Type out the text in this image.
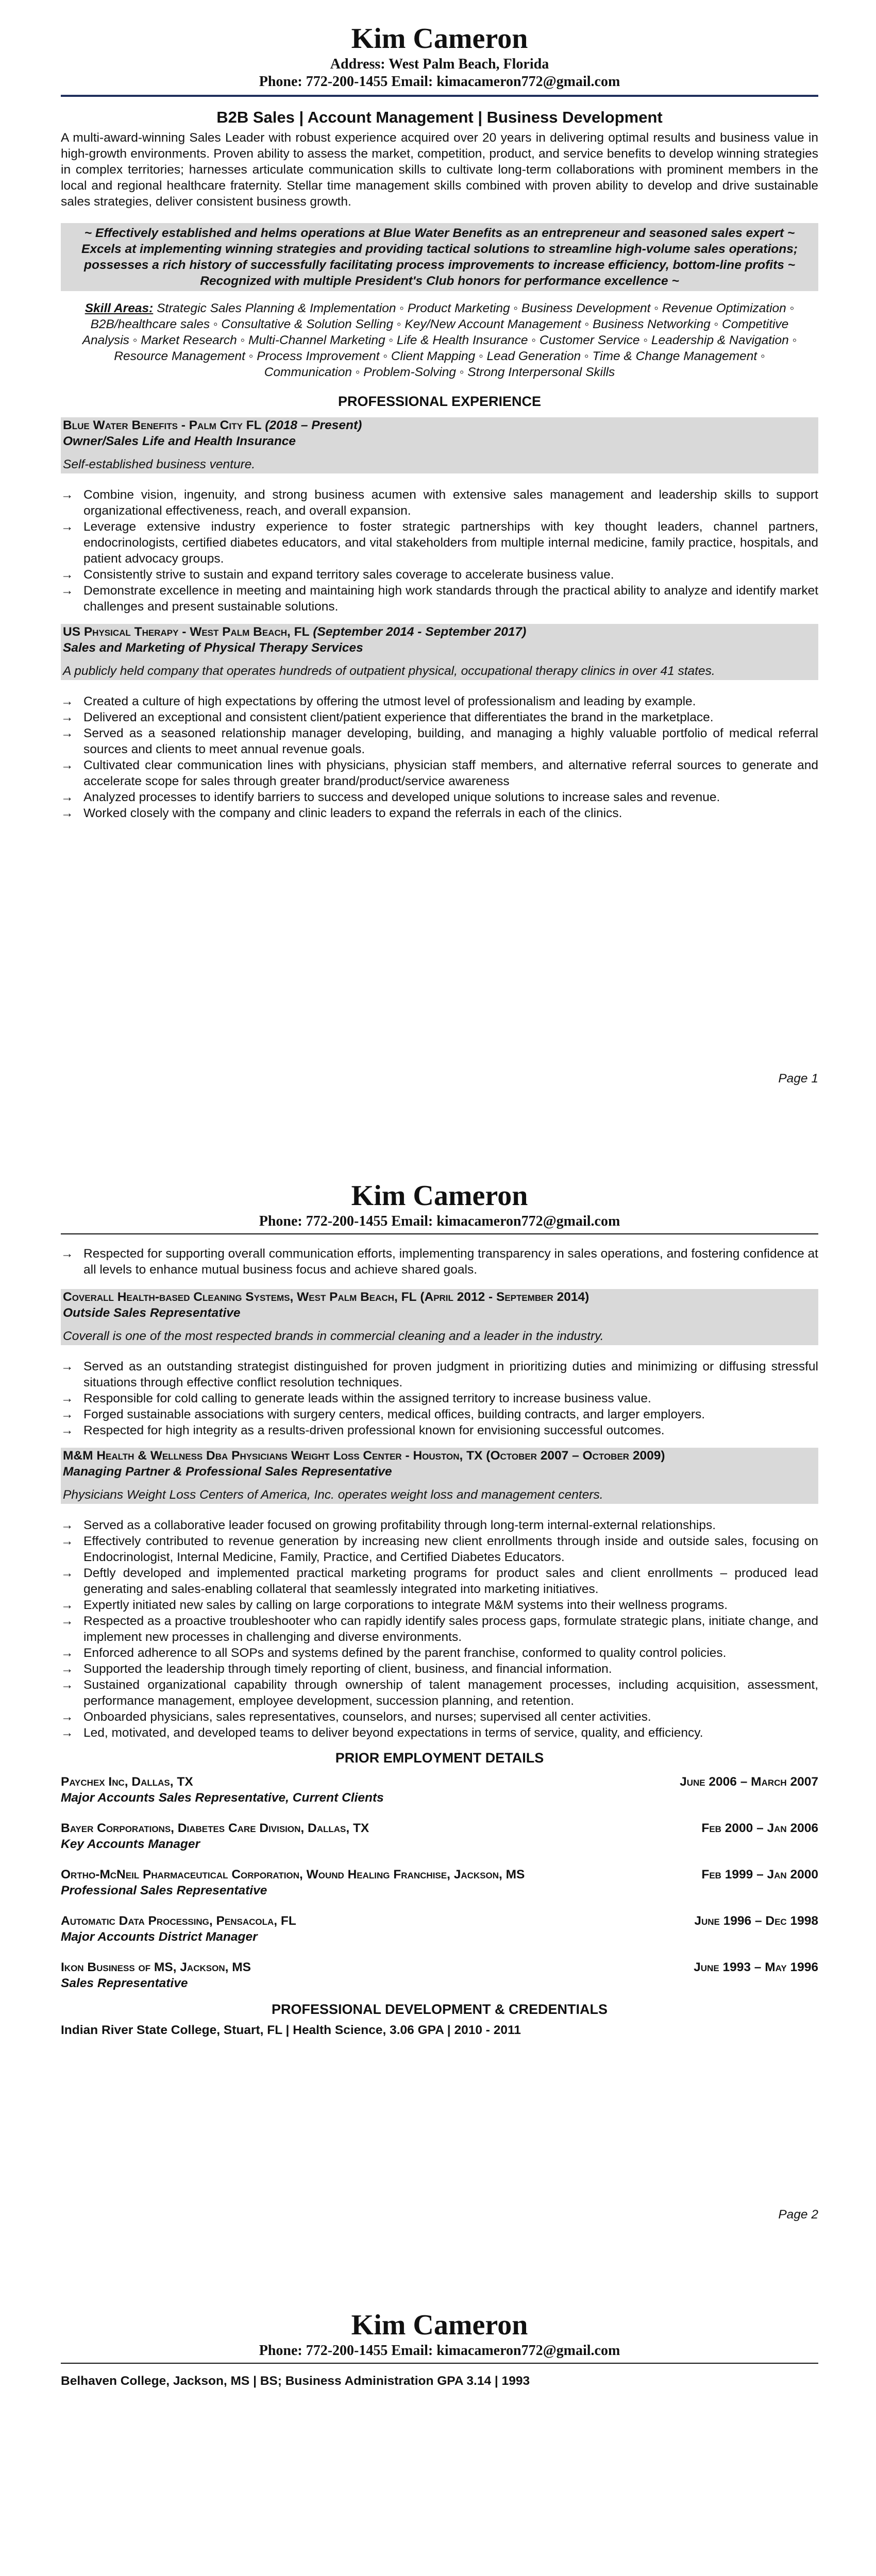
Kim Cameron
Address: West Palm Beach, Florida
Phone: 772-200-1455 Email: kimacameron772@gmail.com
B2B Sales | Account Management | Business Development
A multi-award-winning Sales Leader with robust experience acquired over 20 years in delivering optimal results and business value in high-growth environments. Proven ability to assess the market, competition, product, and service benefits to develop winning strategies in complex territories; harnesses articulate communication skills to cultivate long-term collaborations with prominent members in the local and regional healthcare fraternity. Stellar time management skills combined with proven ability to develop and drive sustainable sales strategies, deliver consistent business growth.
~ Effectively established and helms operations at Blue Water Benefits as an entrepreneur and seasoned sales expert ~ Excels at implementing winning strategies and providing tactical solutions to streamline high-volume sales operations; possesses a rich history of successfully facilitating process improvements to increase efficiency, bottom-line profits ~ Recognized with multiple President's Club honors for performance excellence ~
Skill Areas: Strategic Sales Planning & Implementation ◦ Product Marketing ◦ Business Development ◦ Revenue Optimization ◦ B2B/healthcare sales ◦ Consultative & Solution Selling ◦ Key/New Account Management ◦ Business Networking ◦ Competitive Analysis ◦ Market Research ◦ Multi-Channel Marketing ◦ Life & Health Insurance ◦ Customer Service ◦ Leadership & Navigation ◦ Resource Management ◦ Process Improvement ◦ Client Mapping ◦ Lead Generation ◦ Time & Change Management ◦ Communication ◦ Problem-Solving ◦ Strong Interpersonal Skills
PROFESSIONAL EXPERIENCE
Blue Water Benefits - Palm City FL (2018 – Present)
Owner/Sales Life and Health Insurance
Self-established business venture.
→ Combine vision, ingenuity, and strong business acumen with extensive sales management and leadership skills to support organizational effectiveness, reach, and overall expansion.
→ Leverage extensive industry experience to foster strategic partnerships with key thought leaders, channel partners, endocrinologists, certified diabetes educators, and vital stakeholders from multiple internal medicine, family practice, hospitals, and patient advocacy groups.
→ Consistently strive to sustain and expand territory sales coverage to accelerate business value.
→ Demonstrate excellence in meeting and maintaining high work standards through the practical ability to analyze and identify market challenges and present sustainable solutions.
US Physical Therapy - West Palm Beach, FL (September 2014 - September 2017)
Sales and Marketing of Physical Therapy Services
A publicly held company that operates hundreds of outpatient physical, occupational therapy clinics in over 41 states.
→ Created a culture of high expectations by offering the utmost level of professionalism and leading by example.
→ Delivered an exceptional and consistent client/patient experience that differentiates the brand in the marketplace.
→ Served as a seasoned relationship manager developing, building, and managing a highly valuable portfolio of medical referral sources and clients to meet annual revenue goals.
→ Cultivated clear communication lines with physicians, physician staff members, and alternative referral sources to generate and accelerate scope for sales through greater brand/product/service awareness
→ Analyzed processes to identify barriers to success and developed unique solutions to increase sales and revenue.
→ Worked closely with the company and clinic leaders to expand the referrals in each of the clinics.
Page 1
Kim Cameron
Phone: 772-200-1455 Email: kimacameron772@gmail.com
→ Respected for supporting overall communication efforts, implementing transparency in sales operations, and fostering confidence at all levels to enhance mutual business focus and achieve shared goals.
Coverall Health-based Cleaning Systems, West Palm Beach, FL (April 2012 - September 2014)
Outside Sales Representative
Coverall is one of the most respected brands in commercial cleaning and a leader in the industry.
→ Served as an outstanding strategist distinguished for proven judgment in prioritizing duties and minimizing or diffusing stressful situations through effective conflict resolution techniques.
→ Responsible for cold calling to generate leads within the assigned territory to increase business value.
→ Forged sustainable associations with surgery centers, medical offices, building contracts, and larger employers.
→ Respected for high integrity as a results-driven professional known for envisioning successful outcomes.
M&M Health & Wellness Dba Physicians Weight Loss Center - Houston, TX (October 2007 – October 2009)
Managing Partner & Professional Sales Representative
Physicians Weight Loss Centers of America, Inc. operates weight loss and management centers.
→ Served as a collaborative leader focused on growing profitability through long-term internal-external relationships.
→ Effectively contributed to revenue generation by increasing new client enrollments through inside and outside sales, focusing on Endocrinologist, Internal Medicine, Family, Practice, and Certified Diabetes Educators.
→ Deftly developed and implemented practical marketing programs for product sales and client enrollments – produced lead generating and sales-enabling collateral that seamlessly integrated into marketing initiatives.
→ Expertly initiated new sales by calling on large corporations to integrate M&M systems into their wellness programs.
→ Respected as a proactive troubleshooter who can rapidly identify sales process gaps, formulate strategic plans, initiate change, and implement new processes in challenging and diverse environments.
→ Enforced adherence to all SOPs and systems defined by the parent franchise, conformed to quality control policies.
→ Supported the leadership through timely reporting of client, business, and financial information.
→ Sustained organizational capability through ownership of talent management processes, including acquisition, assessment, performance management, employee development, succession planning, and retention.
→ Onboarded physicians, sales representatives, counselors, and nurses; supervised all center activities.
→ Led, motivated, and developed teams to deliver beyond expectations in terms of service, quality, and efficiency.
PRIOR EMPLOYMENT DETAILS
Paychex Inc, Dallas, TX	June 2006 – March 2007
Major Accounts Sales Representative, Current Clients
Bayer Corporations, Diabetes Care Division, Dallas, TX	Feb 2000 – Jan 2006
Key Accounts Manager
Ortho-McNeil Pharmaceutical Corporation, Wound Healing Franchise, Jackson, MS	Feb 1999 – Jan 2000
Professional Sales Representative
Automatic Data Processing, Pensacola, FL	June 1996 – Dec 1998
Major Accounts District Manager
Ikon Business of MS, Jackson, MS	June 1993 – May 1996
Sales Representative
PROFESSIONAL DEVELOPMENT & CREDENTIALS
Indian River State College, Stuart, FL | Health Science, 3.06 GPA | 2010 - 2011
Page 2
Kim Cameron
Phone: 772-200-1455 Email: kimacameron772@gmail.com
Belhaven College, Jackson, MS | BS; Business Administration GPA 3.14 | 1993
